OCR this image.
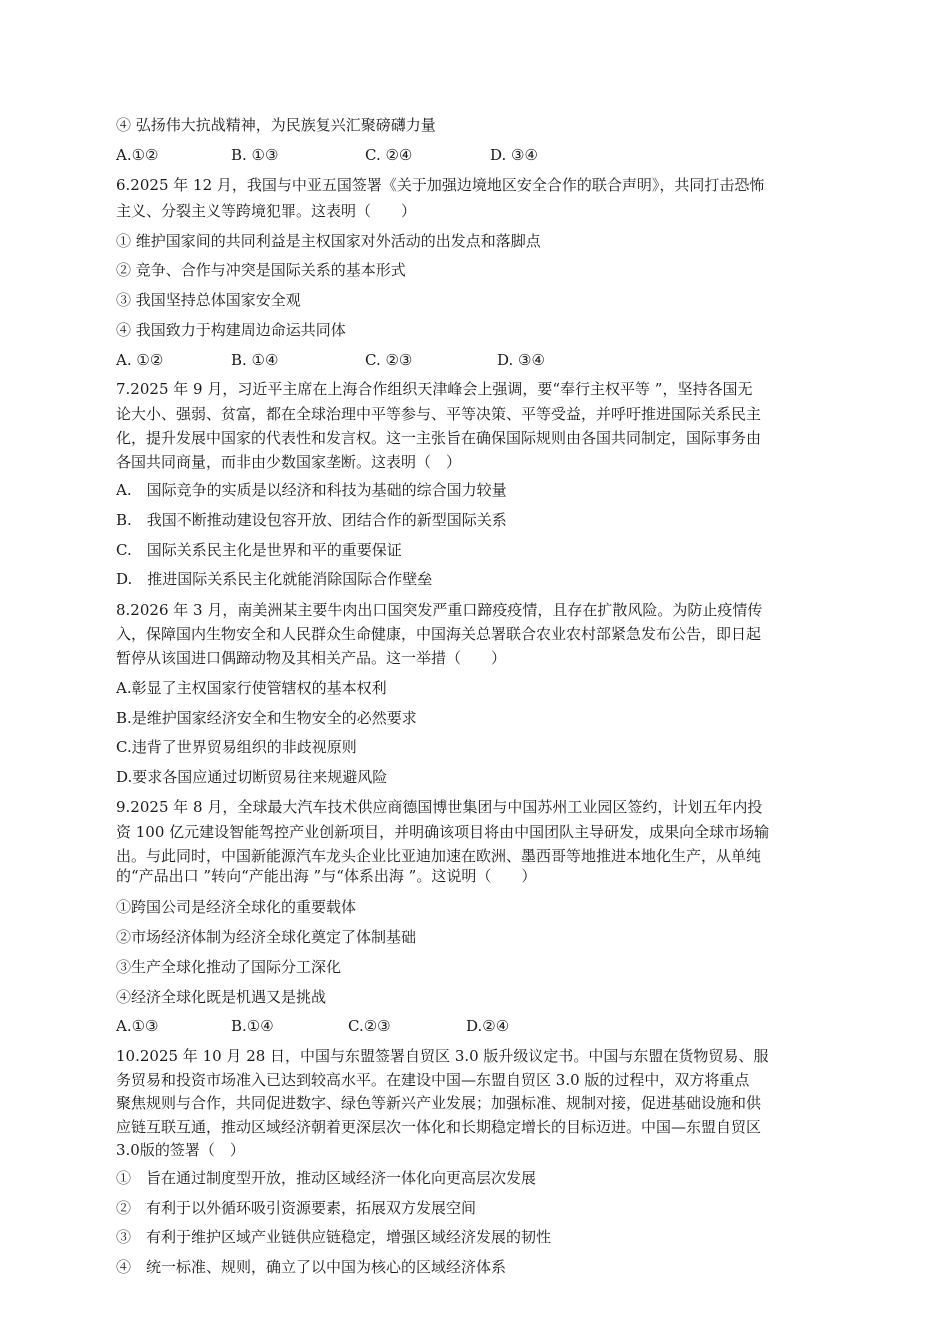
④ 弘扬伟大抗战精神，为民族复兴汇聚磅礴力量
A.①②	B. ①③	C. ②④	D. ③④
6.2025 年 12 月，我国与中亚五国签署《关于加强边境地区安全合作的联合声明》，共同打击恐怖
主义、分裂主义等跨境犯罪。这表明（　　）
① 维护国家间的共同利益是主权国家对外活动的出发点和落脚点
② 竞争、合作与冲突是国际关系的基本形式
③ 我国坚持总体国家安全观
④ 我国致力于构建周边命运共同体
A. ①②	B. ①④	C. ②③	D. ③④
7.2025 年 9 月，习近平主席在上海合作组织天津峰会上强调，要“奉行主权平等 ”，坚持各国无
论大小、强弱、贫富，都在全球治理中平等参与、平等决策、平等受益，并呼吁推进国际关系民主
化，提升发展中国家的代表性和发言权。这一主张旨在确保国际规则由各国共同制定，国际事务由
各国共同商量，而非由少数国家垄断。这表明（　）
A.　国际竞争的实质是以经济和科技为基础的综合国力较量
B.　我国不断推动建设包容开放、团结合作的新型国际关系
C.　国际关系民主化是世界和平的重要保证
D.　推进国际关系民主化就能消除国际合作壁垒
8.2026 年 3 月，南美洲某主要牛肉出口国突发严重口蹄疫疫情，且存在扩散风险。为防止疫情传
入，保障国内生物安全和人民群众生命健康，中国海关总署联合农业农村部紧急发布公告，即日起
暂停从该国进口偶蹄动物及其相关产品。这一举措（　　）
A.彰显了主权国家行使管辖权的基本权利
B.是维护国家经济安全和生物安全的必然要求
C.违背了世界贸易组织的非歧视原则
D.要求各国应通过切断贸易往来规避风险
9.2025 年 8 月，全球最大汽车技术供应商德国博世集团与中国苏州工业园区签约，计划五年内投
资 100 亿元建设智能驾控产业创新项目，并明确该项目将由中国团队主导研发，成果向全球市场输
出。与此同时，中国新能源汽车龙头企业比亚迪加速在欧洲、墨西哥等地推进本地化生产，从单纯
的“产品出口 ”转向“产能出海 ”与“体系出海 ”。这说明（　　）
①跨国公司是经济全球化的重要载体
②市场经济体制为经济全球化奠定了体制基础
③生产全球化推动了国际分工深化
④经济全球化既是机遇又是挑战
A.①③	B.①④	C.②③	D.②④
10.2025 年 10 月 28 日，中国与东盟签署自贸区 3.0 版升级议定书。中国与东盟在货物贸易、服
务贸易和投资市场准入已达到较高水平。在建设中国—东盟自贸区 3.0 版的过程中，双方将重点
聚焦规则与合作，共同促进数字、绿色等新兴产业发展；加强标准、规制对接，促进基础设施和供
应链互联互通，推动区域经济朝着更深层次一体化和长期稳定增长的目标迈进。中国—东盟自贸区
3.0版的签署（　）
①　旨在通过制度型开放，推动区域经济一体化向更高层次发展
②　有利于以外循环吸引资源要素，拓展双方发展空间
③　有利于维护区域产业链供应链稳定，增强区域经济发展的韧性
④　统一标准、规则，确立了以中国为核心的区域经济体系
